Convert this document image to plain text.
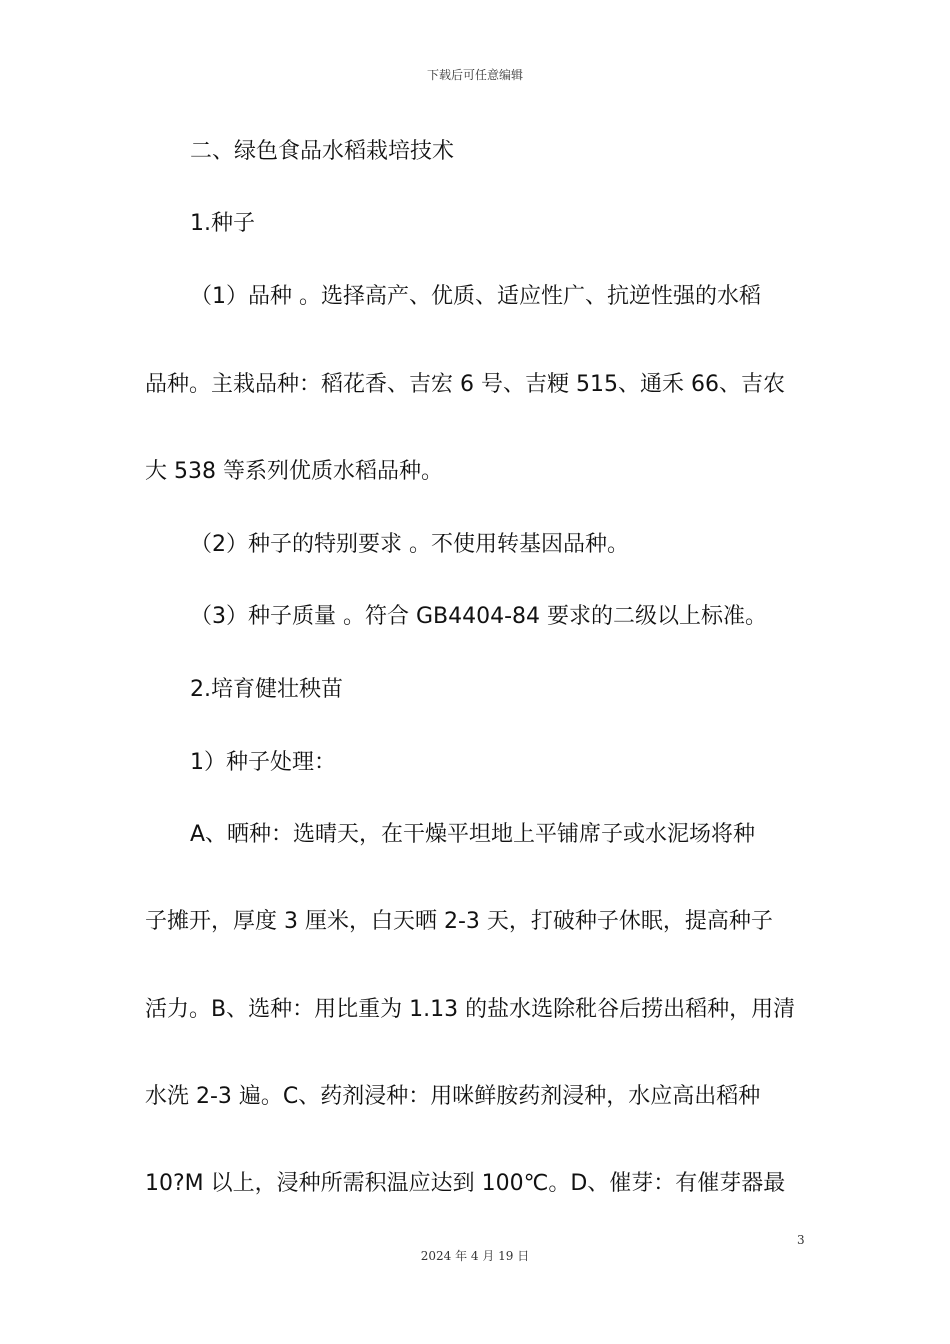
下载后可任意编辑
二、绿色食品水稻栽培技术
1.种子
（1）品种 。选择高产、优质、适应性广、抗逆性强的水稻
品种。主栽品种：稻花香、吉宏 6 号、吉粳 515、通禾 66、吉农
大 538 等系列优质水稻品种。
（2）种子的特别要求 。不使用转基因品种。
（3）种子质量 。符合 GB4404-84 要求的二级以上标准。
2.培育健壮秧苗
1）种子处理：
A、晒种：选晴天，在干燥平坦地上平铺席子或水泥场将种
子摊开，厚度 3 厘米，白天晒 2-3 天，打破种子休眠，提高种子
活力。B、选种：用比重为 1.13 的盐水选除秕谷后捞出稻种，用清
水洗 2-3 遍。C、药剂浸种：用咪鲜胺药剂浸种，水应高出稻种
10?M 以上，浸种所需积温应达到 100℃。D、催芽：有催芽器最
3
2024 年 4 月 19 日
